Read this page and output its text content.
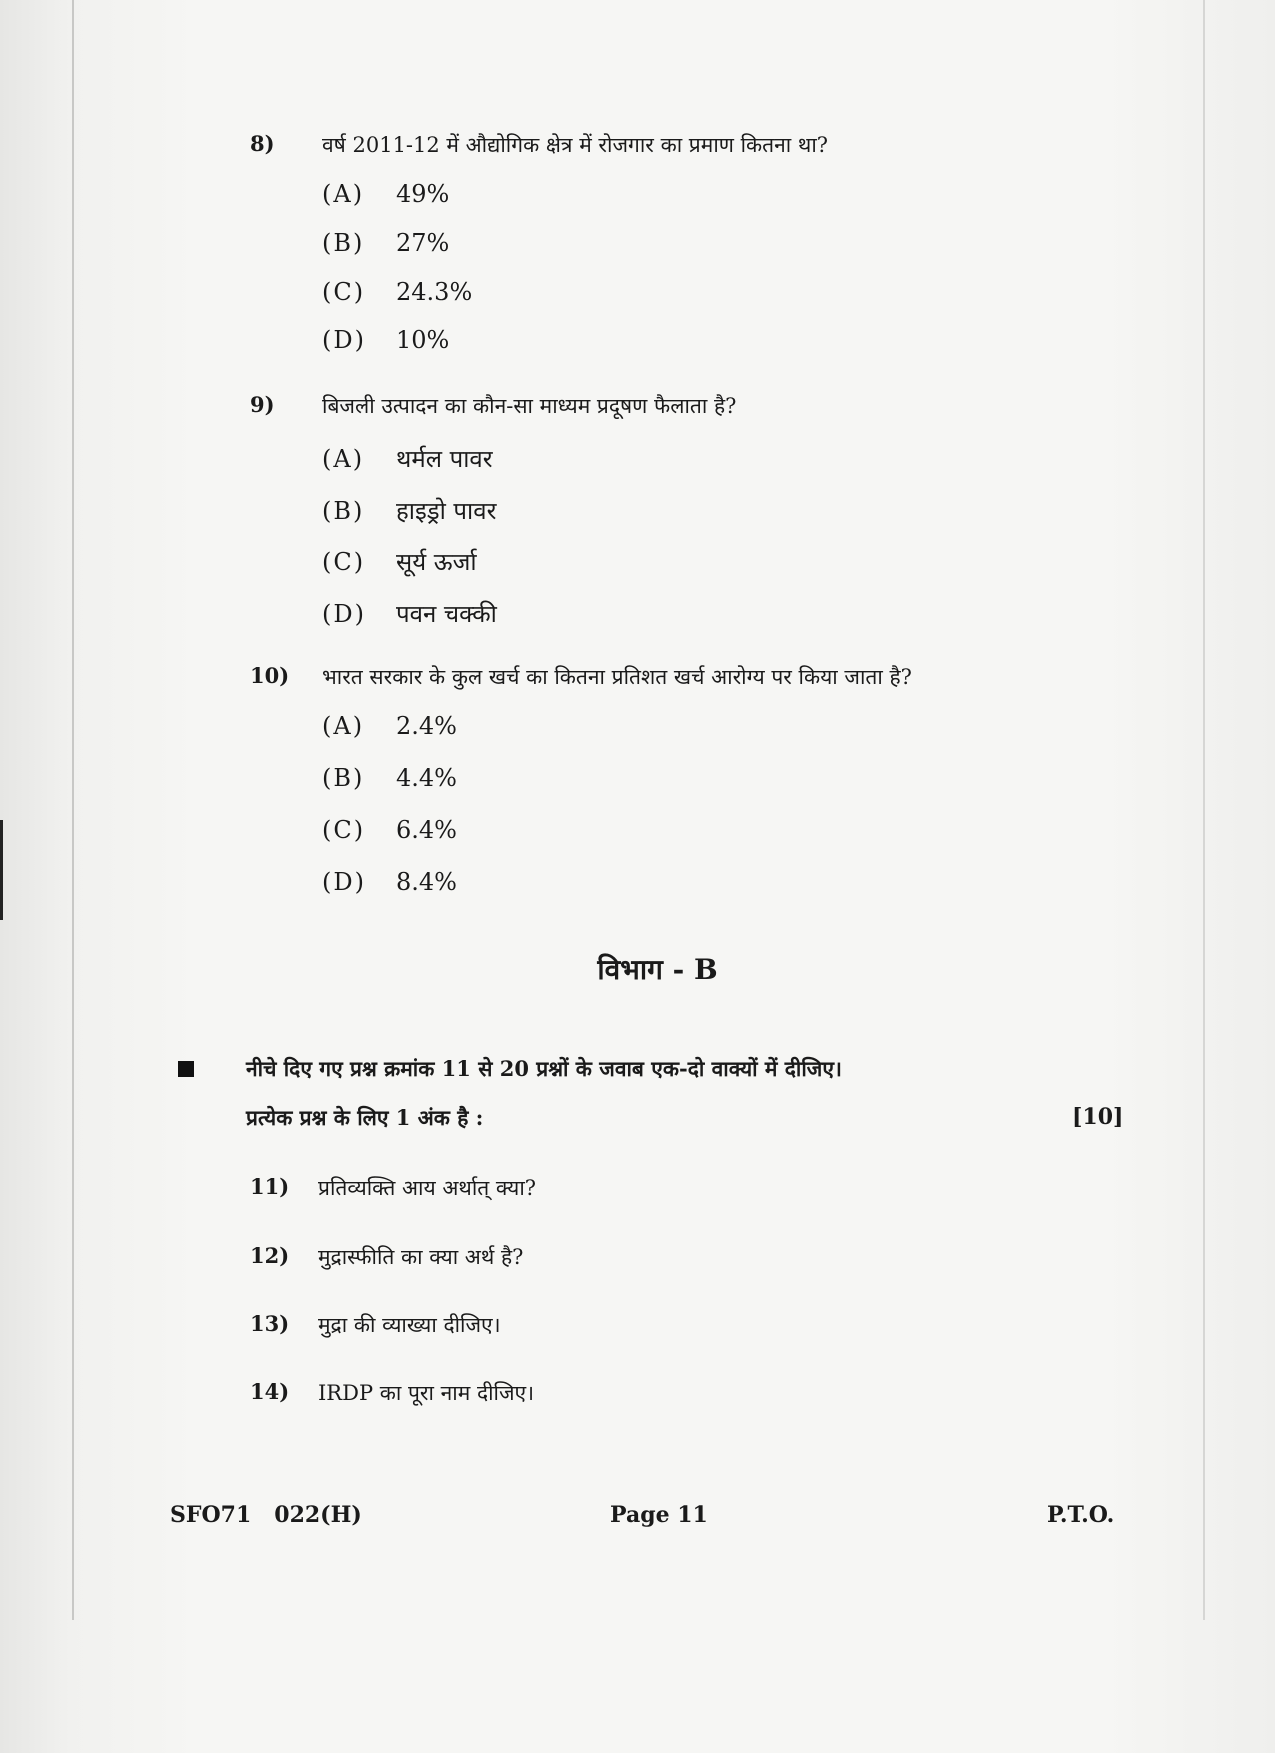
8)	वर्ष 2011-12 में औद्योगिक क्षेत्र में रोजगार का प्रमाण कितना था?
(A) 49%
(B) 27%
(C) 24.3%
(D) 10%
9)	बिजली उत्पादन का कौन-सा माध्यम प्रदूषण फैलाता है?
(A) थर्मल पावर
(B) हाइड्रो पावर
(C) सूर्य ऊर्जा
(D) पवन चक्की
10)	भारत सरकार के कुल खर्च का कितना प्रतिशत खर्च आरोग्य पर किया जाता है?
(A) 2.4%
(B) 4.4%
(C) 6.4%
(D) 8.4%
विभाग - B
नीचे दिए गए प्रश्न क्रमांक 11 से 20 प्रश्नों के जवाब एक-दो वाक्यों में दीजिए।
प्रत्येक प्रश्न के लिए 1 अंक है :	[10]
11)	प्रतिव्यक्ति आय अर्थात् क्या?
12)	मुद्रास्फीति का क्या अर्थ है?
13)	मुद्रा की व्याख्या दीजिए।
14)	IRDP का पूरा नाम दीजिए।
SFO71   022(H)	Page 11	P.T.O.
